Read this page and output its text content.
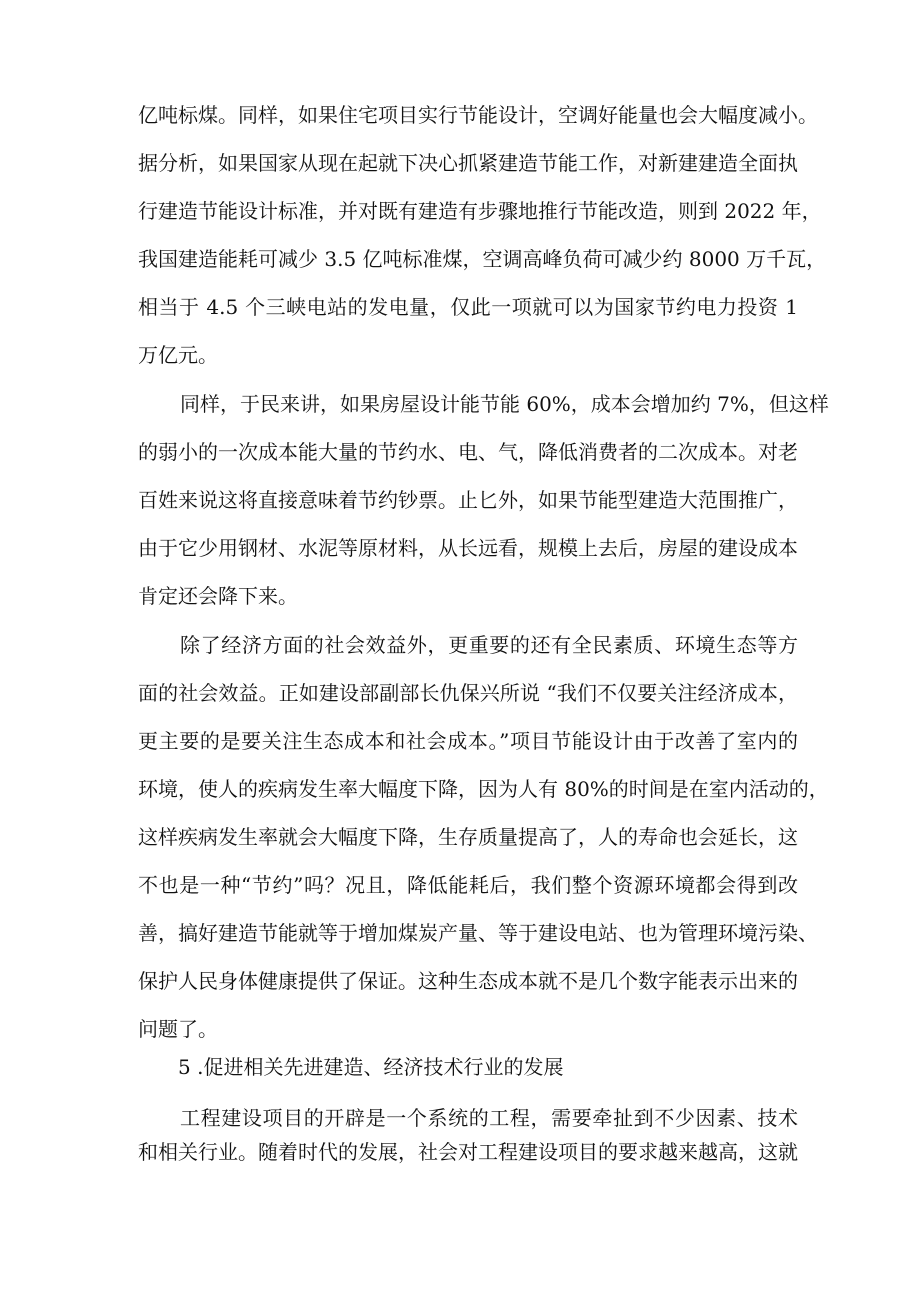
亿吨标煤。同样，如果住宅项目实行节能设计，空调好能量也会大幅度减小。
据分析，如果国家从现在起就下决心抓紧建造节能工作，对新建建造全面执
行建造节能设计标准，并对既有建造有步骤地推行节能改造，则到 2022 年，
我国建造能耗可减少 3.5 亿吨标准煤，空调高峰负荷可减少约 8000 万千瓦，
相当于 4.5 个三峡电站的发电量，仅此一项就可以为国家节约电力投资 1
万亿元。
同样，于民来讲，如果房屋设计能节能 60%，成本会增加约 7%，但这样
的弱小的一次成本能大量的节约水、电、气，降低消费者的二次成本。对老
百姓来说这将直接意味着节约钞票。止匕外，如果节能型建造大范围推广，
由于它少用钢材、水泥等原材料，从长远看，规模上去后，房屋的建设成本
肯定还会降下来。
除了经济方面的社会效益外，更重要的还有全民素质、环境生态等方
面的社会效益。正如建设部副部长仇保兴所说 “我们不仅要关注经济成本，
更主要的是要关注生态成本和社会成本。”项目节能设计由于改善了室内的
环境，使人的疾病发生率大幅度下降，因为人有 80%的时间是在室内活动的，
这样疾病发生率就会大幅度下降，生存质量提高了，人的寿命也会延长，这
不也是一种“节约”吗？况且，降低能耗后，我们整个资源环境都会得到改
善，搞好建造节能就等于增加煤炭产量、等于建设电站、也为管理环境污染、
保护人民身体健康提供了保证。这种生态成本就不是几个数字能表示出来的
问题了。
5 .促进相关先进建造、经济技术行业的发展
工程建设项目的开辟是一个系统的工程，需要牵扯到不少因素、技术
和相关行业。随着时代的发展，社会对工程建设项目的要求越来越高，这就
